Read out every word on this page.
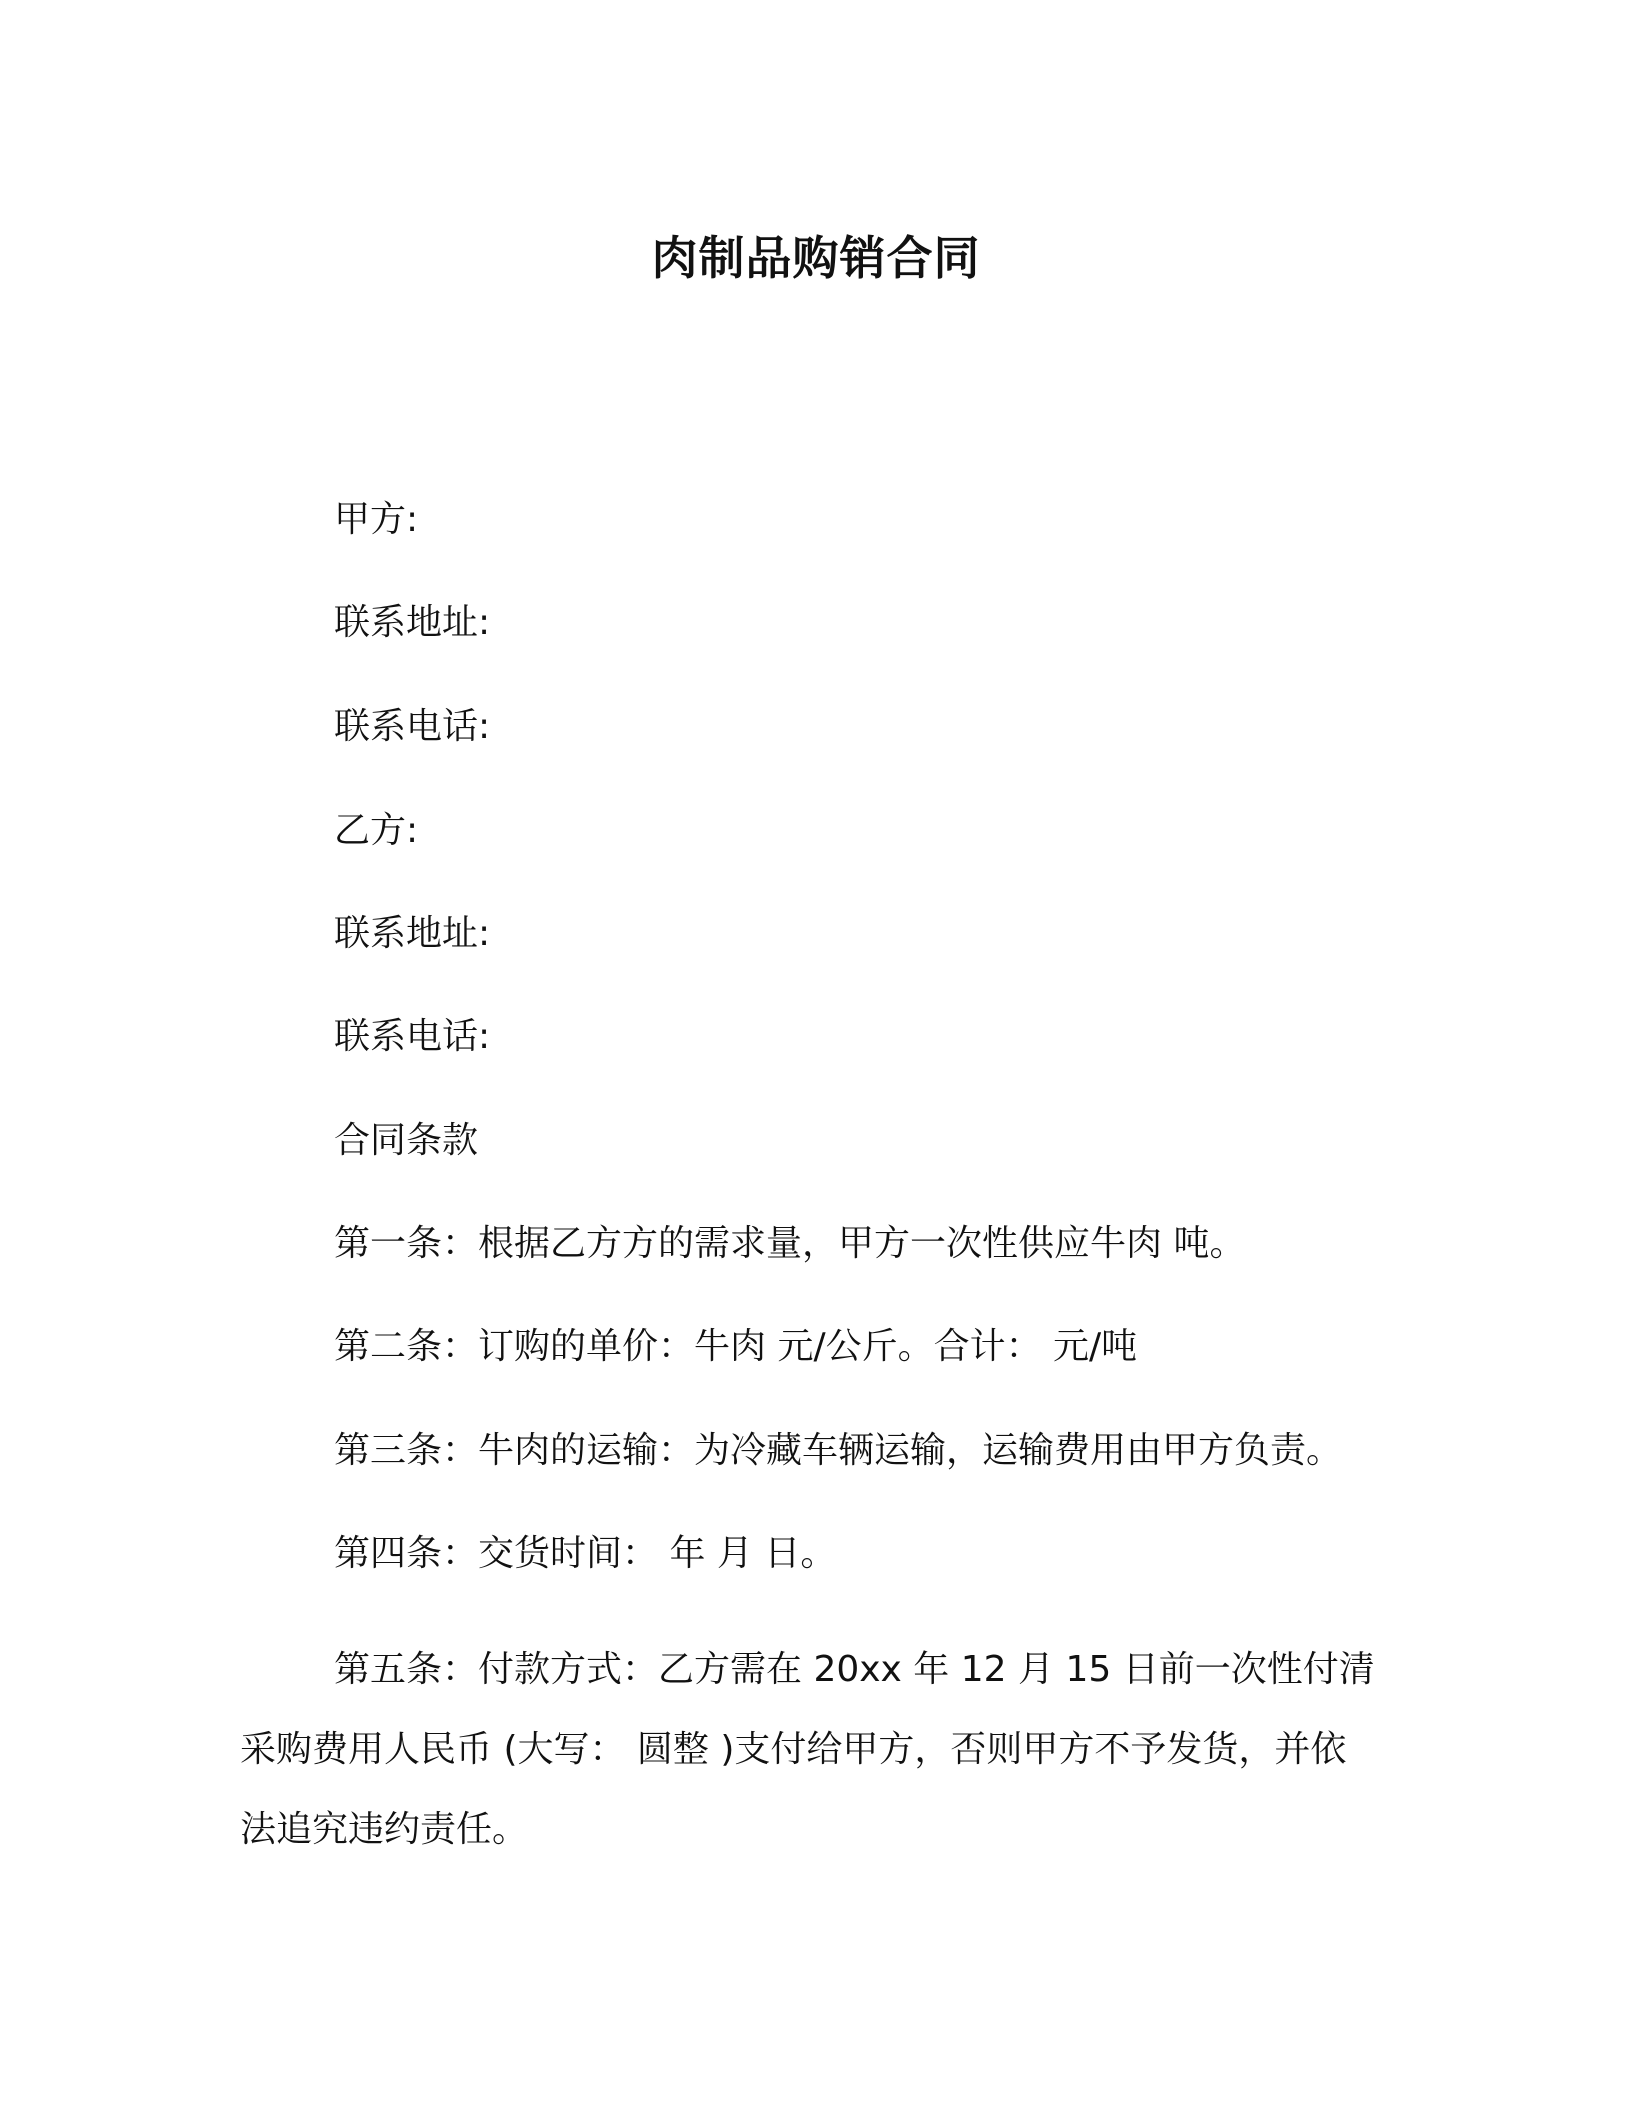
肉制品购销合同
甲方:
联系地址:
联系电话:
乙方:
联系地址:
联系电话:
合同条款
第一条：根据乙方方的需求量，甲方一次性供应牛肉 吨。
第二条：订购的单价：牛肉 元/公斤。合计： 元/吨
第三条：牛肉的运输：为冷藏车辆运输，运输费用由甲方负责。
第四条：交货时间： 年 月 日。
第五条：付款方式：乙方需在 20xx 年 12 月 15 日前一次性付清采购费用人民币 (大写： 圆整 )支付给甲方，否则甲方不予发货，并依法追究违约责任。
